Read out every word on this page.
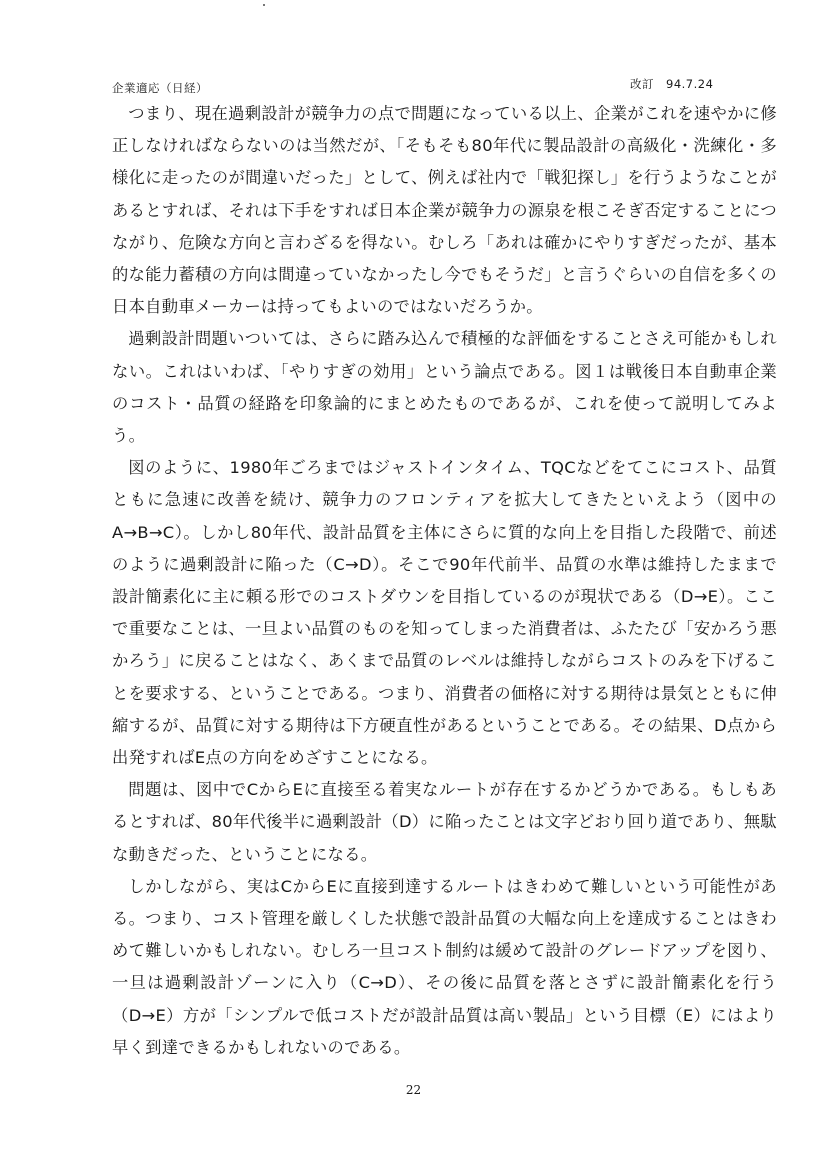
企業適応（日経）	改訂　94.7.24

つまり、現在過剰設計が競争力の点で問題になっている以上、企業がこれを速やかに修正しなければならないのは当然だが、「そもそも80年代に製品設計の高級化・洗練化・多様化に走ったのが間違いだった」として、例えば社内で「戦犯探し」を行うようなことがあるとすれば、それは下手をすれば日本企業が競争力の源泉を根こそぎ否定することにつながり、危険な方向と言わざるを得ない。むしろ「あれは確かにやりすぎだったが、基本的な能力蓄積の方向は間違っていなかったし今でもそうだ」と言うぐらいの自信を多くの日本自動車メーカーは持ってもよいのではないだろうか。

過剰設計問題いついては、さらに踏み込んで積極的な評価をすることさえ可能かもしれない。これはいわば、「やりすぎの効用」という論点である。図１は戦後日本自動車企業のコスト・品質の経路を印象論的にまとめたものであるが、これを使って説明してみよう。

図のように、1980年ごろまではジャストインタイム、TQCなどをてこにコスト、品質ともに急速に改善を続け、競争力のフロンティアを拡大してきたといえよう（図中のA→B→C）。しかし80年代、設計品質を主体にさらに質的な向上を目指した段階で、前述のように過剰設計に陥った（C→D）。そこで90年代前半、品質の水準は維持したままで設計簡素化に主に頼る形でのコストダウンを目指しているのが現状である（D→E）。ここで重要なことは、一旦よい品質のものを知ってしまった消費者は、ふたたび「安かろう悪かろう」に戻ることはなく、あくまで品質のレベルは維持しながらコストのみを下げることを要求する、ということである。つまり、消費者の価格に対する期待は景気とともに伸縮するが、品質に対する期待は下方硬直性があるということである。その結果、D点から出発すればE点の方向をめざすことになる。

問題は、図中でCからEに直接至る着実なルートが存在するかどうかである。もしもあるとすれば、80年代後半に過剰設計（D）に陥ったことは文字どおり回り道であり、無駄な動きだった、ということになる。

しかしながら、実はCからEに直接到達するルートはきわめて難しいという可能性がある。つまり、コスト管理を厳しくした状態で設計品質の大幅な向上を達成することはきわめて難しいかもしれない。むしろ一旦コスト制約は緩めて設計のグレードアップを図り、一旦は過剰設計ゾーンに入り（C→D）、その後に品質を落とさずに設計簡素化を行う（D→E）方が「シンプルで低コストだが設計品質は高い製品」という目標（E）にはより早く到達できるかもしれないのである。

22
